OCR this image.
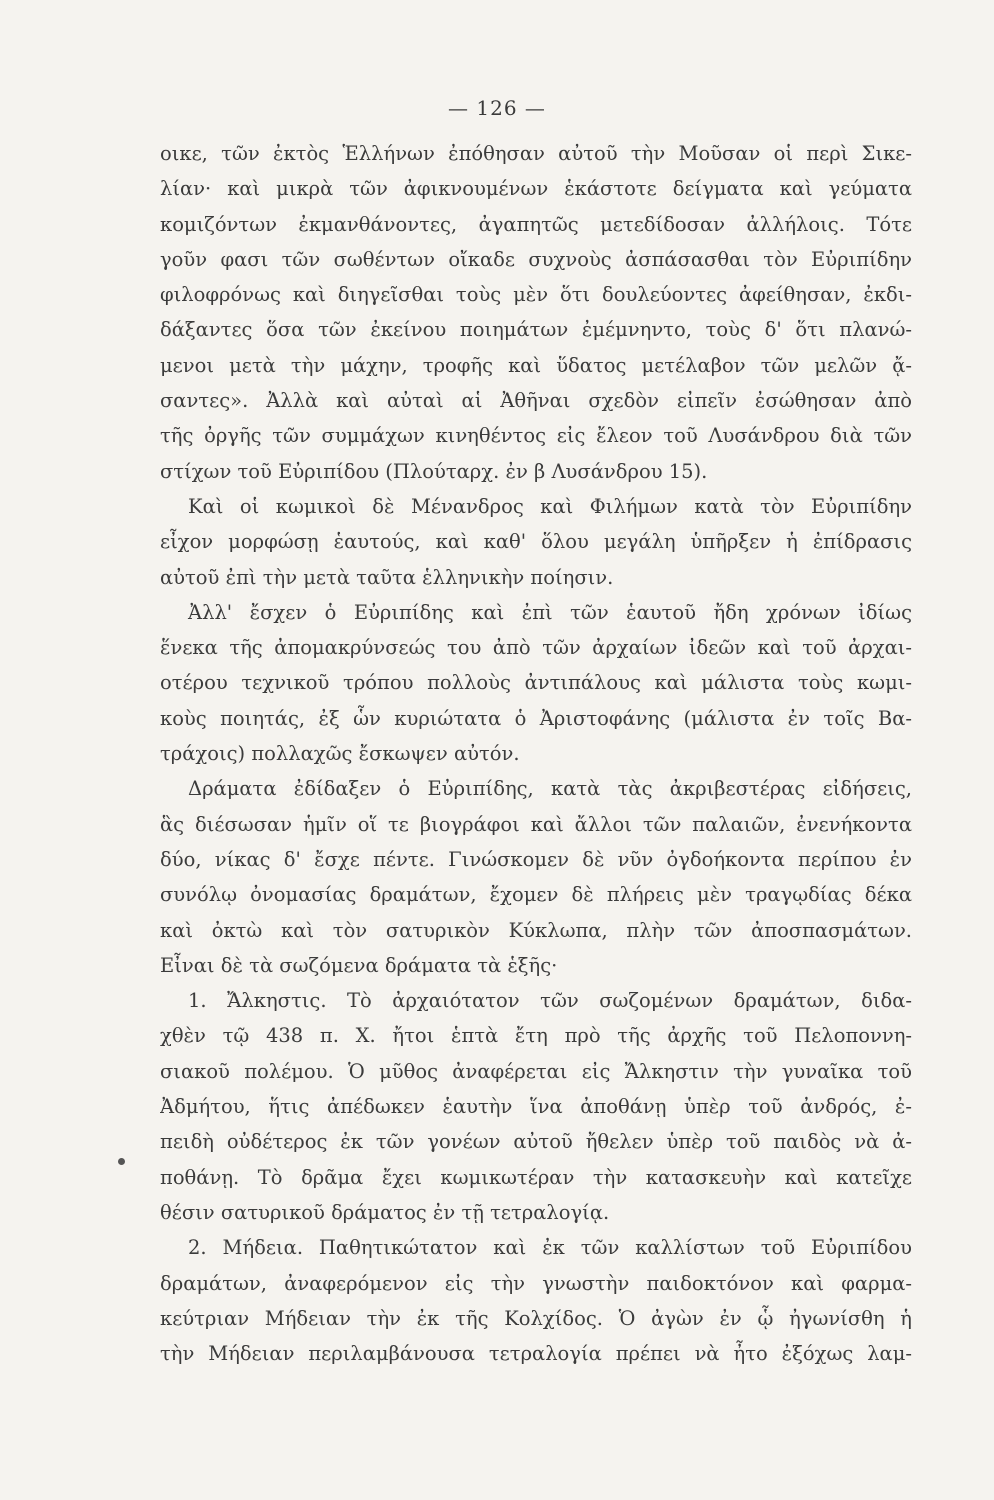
— 126 —
οικε, τῶν ἐκτὸς Ἑλλήνων ἐπόθησαν αὐτοῦ τὴν Μοῦσαν οἱ περὶ Σικε-
λίαν· καὶ μικρὰ τῶν ἀφικνουμένων ἑκάστοτε δείγματα καὶ γεύματα
κομιζόντων ἐκμανθάνοντες, ἀγαπητῶς μετεδίδοσαν ἀλλήλοις. Τότε
γοῦν φασι τῶν σωθέντων οἴκαδε συχνοὺς ἀσπάσασθαι τὸν Εὐριπίδην
φιλοφρόνως καὶ διηγεῖσθαι τοὺς μὲν ὅτι δουλεύοντες ἀφείθησαν, ἐκδι-
δάξαντες ὅσα τῶν ἐκείνου ποιημάτων ἐμέμνηντο, τοὺς δ' ὅτι πλανώ-
μενοι μετὰ τὴν μάχην, τροφῆς καὶ ὕδατος μετέλαβον τῶν μελῶν ᾄ-
σαντες». Ἀλλὰ καὶ αὐταὶ αἱ Ἀθῆναι σχεδὸν εἰπεῖν ἐσώθησαν ἀπὸ
τῆς ὀργῆς τῶν συμμάχων κινηθέντος εἰς ἔλεον τοῦ Λυσάνδρου διὰ τῶν
στίχων τοῦ Εὐριπίδου (Πλούταρχ. ἐν β Λυσάνδρου 15).
Καὶ οἱ κωμικοὶ δὲ Μένανδρος καὶ Φιλήμων κατὰ τὸν Εὐριπίδην
εἶχον μορφώσῃ ἑαυτούς, καὶ καθ' ὅλου μεγάλη ὑπῆρξεν ἡ ἐπίδρασις
αὐτοῦ ἐπὶ τὴν μετὰ ταῦτα ἑλληνικὴν ποίησιν.
Ἀλλ' ἔσχεν ὁ Εὐριπίδης καὶ ἐπὶ τῶν ἑαυτοῦ ἤδη χρόνων ἰδίως
ἕνεκα τῆς ἀπομακρύνσεώς του ἀπὸ τῶν ἀρχαίων ἰδεῶν καὶ τοῦ ἀρχαι-
οτέρου τεχνικοῦ τρόπου πολλοὺς ἀντιπάλους καὶ μάλιστα τοὺς κωμι-
κοὺς ποιητάς, ἐξ ὧν κυριώτατα ὁ Ἀριστοφάνης (μάλιστα ἐν τοῖς Βα-
τράχοις) πολλαχῶς ἔσκωψεν αὐτόν.
Δράματα ἐδίδαξεν ὁ Εὐριπίδης, κατὰ τὰς ἀκριβεστέρας εἰδήσεις,
ἃς διέσωσαν ἡμῖν οἵ τε βιογράφοι καὶ ἄλλοι τῶν παλαιῶν, ἐνενήκοντα
δύο, νίκας δ' ἔσχε πέντε. Γινώσκομεν δὲ νῦν ὀγδοήκοντα περίπου ἐν
συνόλῳ ὀνομασίας δραμάτων, ἔχομεν δὲ πλήρεις μὲν τραγῳδίας δέκα
καὶ ὀκτὼ καὶ τὸν σατυρικὸν Κύκλωπα, πλὴν τῶν ἀποσπασμάτων.
Εἶναι δὲ τὰ σωζόμενα δράματα τὰ ἑξῆς·
1. Ἄλκηστις. Τὸ ἀρχαιότατον τῶν σωζομένων δραμάτων, διδα-
χθὲν τῷ 438 π. Χ. ἤτοι ἑπτὰ ἔτη πρὸ τῆς ἀρχῆς τοῦ Πελοποννη-
σιακοῦ πολέμου. Ὁ μῦθος ἀναφέρεται εἰς Ἄλκηστιν τὴν γυναῖκα τοῦ
Ἀδμήτου, ἥτις ἀπέδωκεν ἑαυτὴν ἵνα ἀποθάνῃ ὑπὲρ τοῦ ἀνδρός, ἐ-
πειδὴ οὐδέτερος ἐκ τῶν γονέων αὐτοῦ ἤθελεν ὑπὲρ τοῦ παιδὸς νὰ ἀ-
ποθάνῃ. Τὸ δρᾶμα ἔχει κωμικωτέραν τὴν κατασκευὴν καὶ κατεῖχε
θέσιν σατυρικοῦ δράματος ἐν τῇ τετραλογίᾳ.
2. Μήδεια. Παθητικώτατον καὶ ἐκ τῶν καλλίστων τοῦ Εὐριπίδου
δραμάτων, ἀναφερόμενον εἰς τὴν γνωστὴν παιδοκτόνον καὶ φαρμα-
κεύτριαν Μήδειαν τὴν ἐκ τῆς Κολχίδος. Ὁ ἀγὼν ἐν ᾧ ἠγωνίσθη ἡ
τὴν Μήδειαν περιλαμβάνουσα τετραλογία πρέπει νὰ ἦτο ἐξόχως λαμ-
